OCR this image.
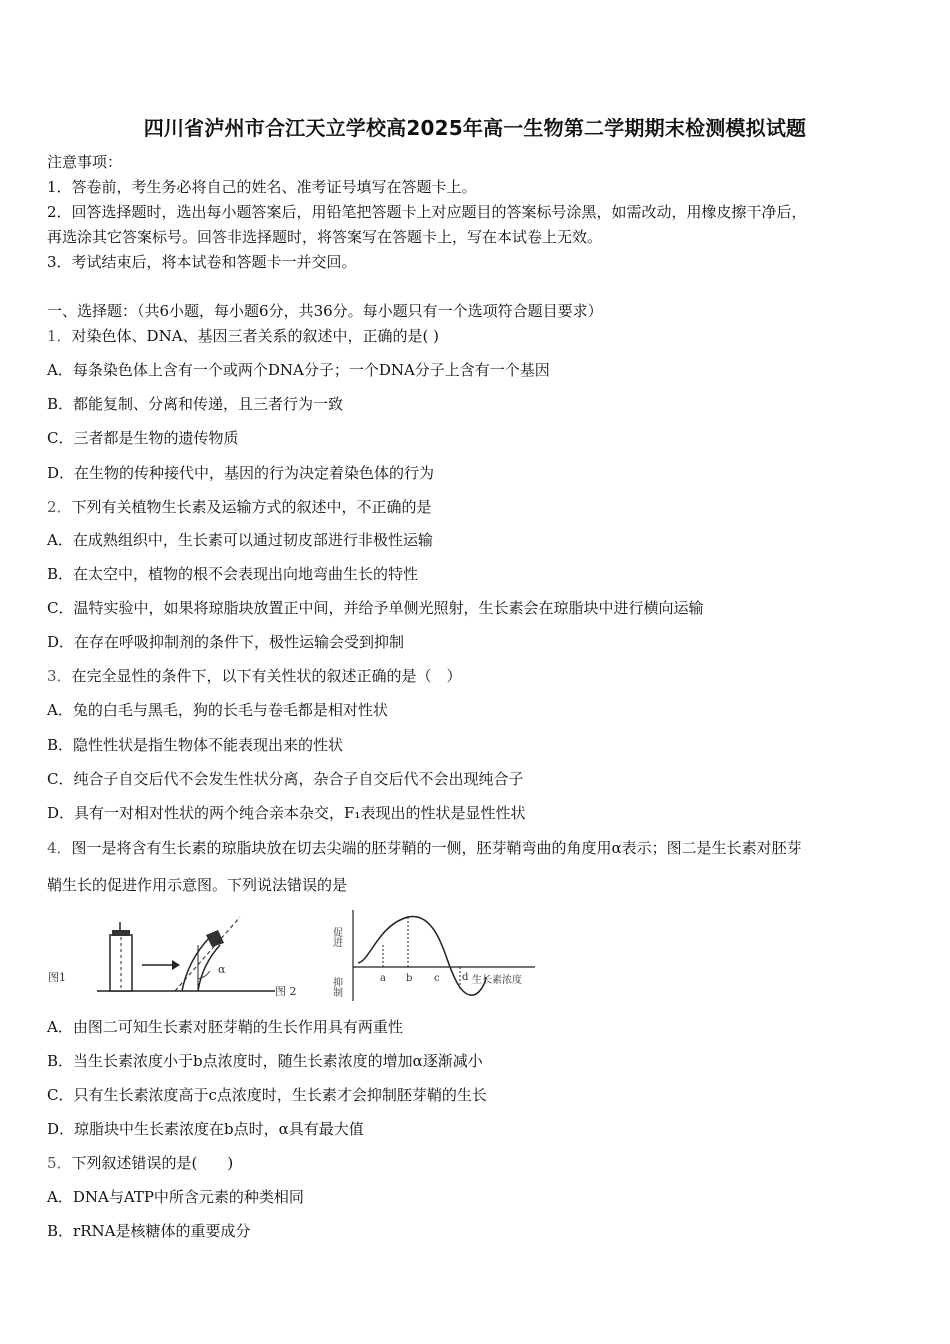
四川省泸州市合江天立学校高2025年高一生物第二学期期末检测模拟试题
注意事项：
1．答卷前，考生务必将自己的姓名、准考证号填写在答题卡上。
2．回答选择题时，选出每小题答案后，用铅笔把答题卡上对应题目的答案标号涂黑，如需改动，用橡皮擦干净后，
再选涂其它答案标号。回答非选择题时，将答案写在答题卡上，写在本试卷上无效。
3．考试结束后，将本试卷和答题卡一并交回。
一、选择题：（共6小题，每小题6分，共36分。每小题只有一个选项符合题目要求）
1．对染色体、DNA、基因三者关系的叙述中，正确的是( )
A．每条染色体上含有一个或两个DNA分子；一个DNA分子上含有一个基因
B．都能复制、分离和传递，且三者行为一致
C．三者都是生物的遗传物质
D．在生物的传种接代中，基因的行为决定着染色体的行为
2．下列有关植物生长素及运输方式的叙述中，不正确的是
A．在成熟组织中，生长素可以通过韧皮部进行非极性运输
B．在太空中，植物的根不会表现出向地弯曲生长的特性
C．温特实验中，如果将琼脂块放置正中间，并给予单侧光照射，生长素会在琼脂块中进行横向运输
D．在存在呼吸抑制剂的条件下，极性运输会受到抑制
3．在完全显性的条件下，以下有关性状的叙述正确的是（　）
A．兔的白毛与黑毛，狗的长毛与卷毛都是相对性状
B．隐性性状是指生物体不能表现出来的性状
C．纯合子自交后代不会发生性状分离，杂合子自交后代不会出现纯合子
D．具有一对相对性状的两个纯合亲本杂交，F₁表现出的性状是显性性状
4．图一是将含有生长素的琼脂块放在切去尖端的胚芽鞘的一侧，胚芽鞘弯曲的角度用α表示；图二是生长素对胚芽
鞘生长的促进作用示意图。下列说法错误的是
图1
α
图 2
促进
抑制	a b c d 生长素浓度
A．由图二可知生长素对胚芽鞘的生长作用具有两重性
B．当生长素浓度小于b点浓度时，随生长素浓度的增加α逐渐减小
C．只有生长素浓度高于c点浓度时，生长素才会抑制胚芽鞘的生长
D．琼脂块中生长素浓度在b点时，α具有最大值
5．下列叙述错误的是(　　)
A．DNA与ATP中所含元素的种类相同
B．rRNA是核糖体的重要成分
